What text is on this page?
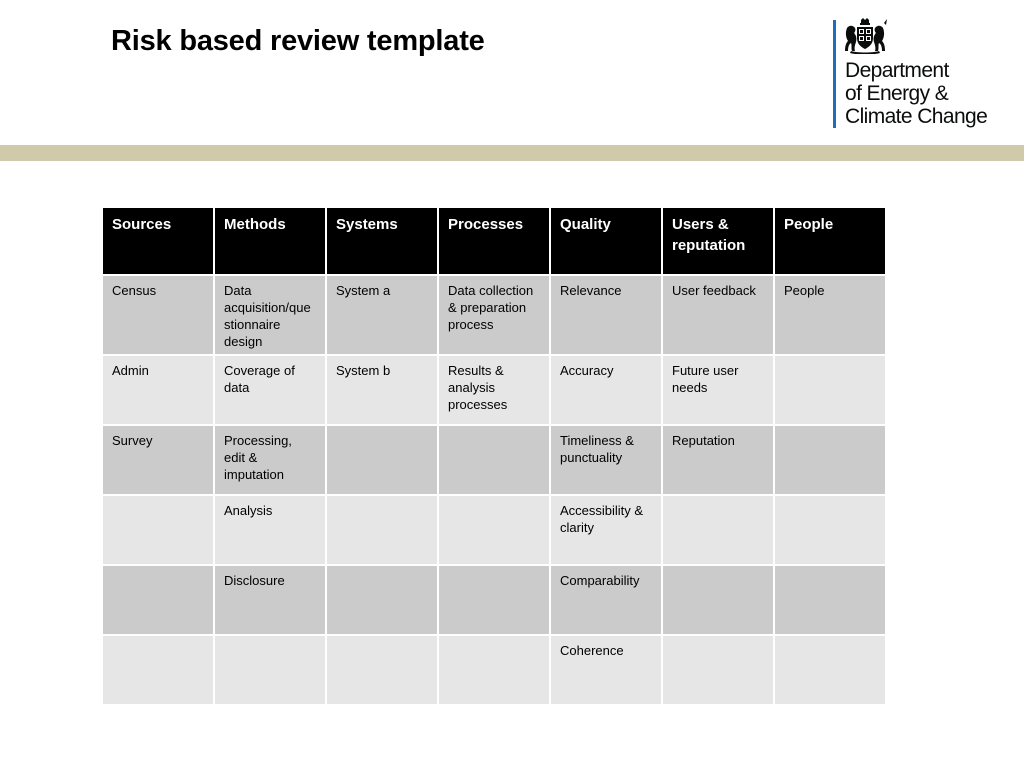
Risk based review template
Department
of Energy &
Climate Change
Sources	Methods	Systems	Processes	Quality	Users & reputation	People
Census	Data acquisition/questionnaire design	System a	Data collection & preparation process	Relevance	User feedback	People
Admin	Coverage of data	System b	Results & analysis processes	Accuracy	Future user needs	
Survey	Processing, edit & imputation			Timeliness & punctuality	Reputation	
	Analysis			Accessibility & clarity		
	Disclosure			Comparability		
				Coherence		
